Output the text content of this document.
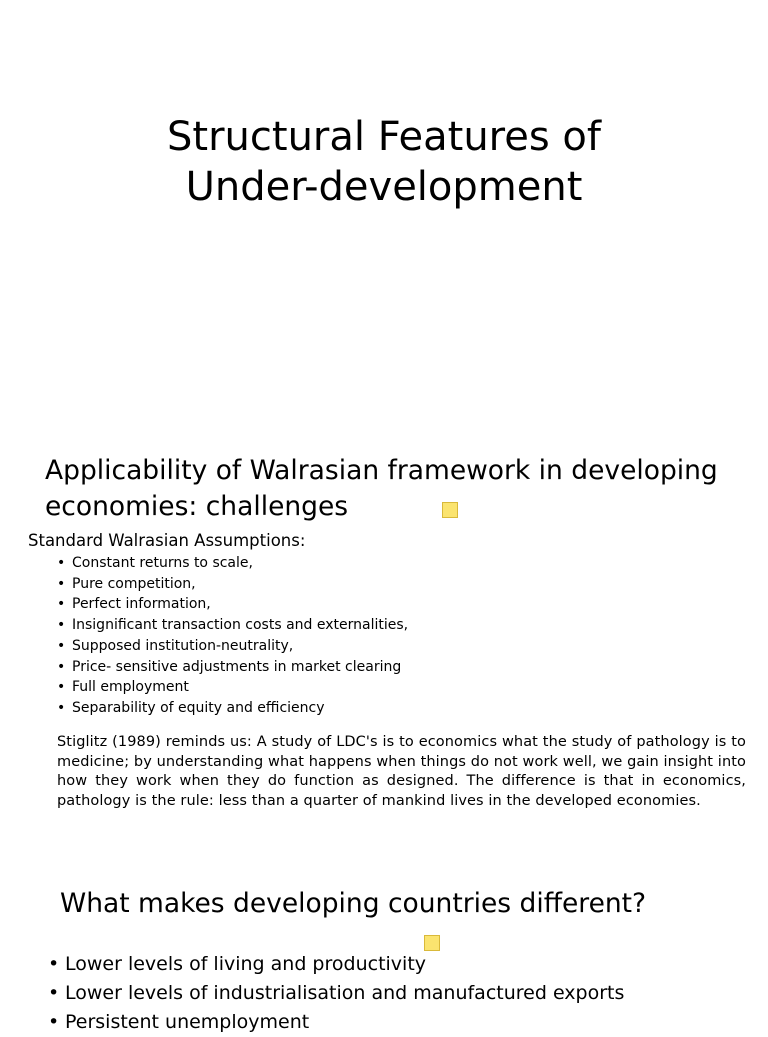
Structural Features of
Under-development
Applicability of Walrasian framework in developing
economies: challenges

Standard Walrasian Assumptions:

• Constant returns to scale,
• Pure competition,
• Perfect information,
• Insignificant transaction costs and externalities,
• Supposed institution-neutrality,
• Price- sensitive adjustments in market clearing
• Full employment
• Separability of equity and efficiency

Stiglitz (1989) reminds us: A study of LDC's is to economics what the study of pathology is to medicine; by understanding what happens when things do not work well, we gain insight into how they work when they do function as designed. The difference is that in economics, pathology is the rule: less than a quarter of mankind lives in the developed economies.

What makes developing countries different?
• Lower levels of living and productivity
• Lower levels of industrialisation and manufactured exports
• Persistent unemployment
